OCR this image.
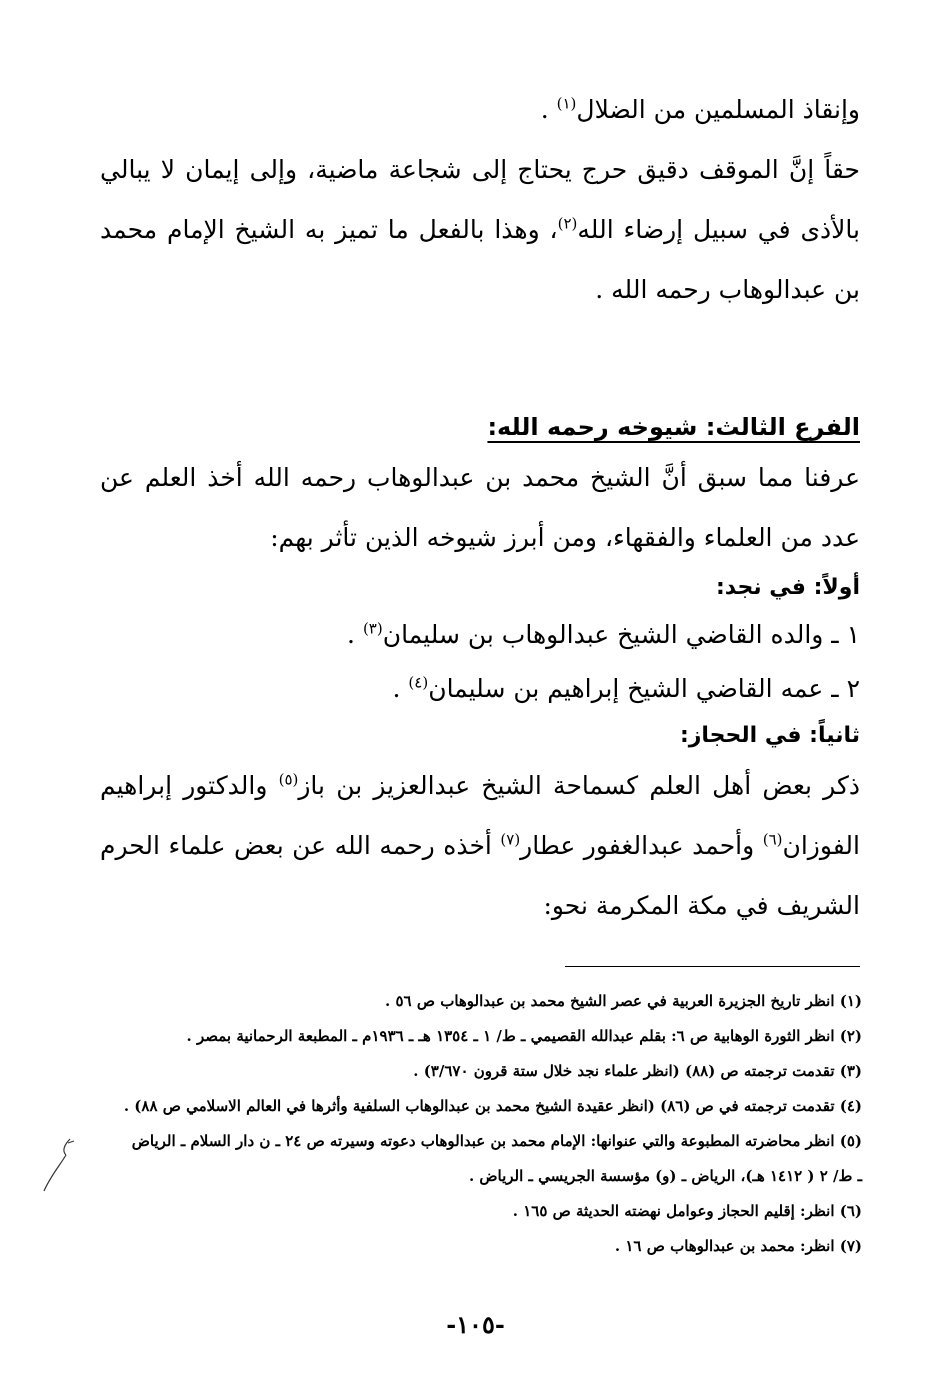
وإنقاذ المسلمين من الضلال$^{(١)}$ .

حقاً إنَّ الموقف دقيق حرج يحتاج إلى شجاعة ماضية، وإلى إيمان لا يبالي بالأذى في سبيل إرضاء الله$^{(٢)}$، وهذا بالفعل ما تميز به الشيخ الإمام محمد بن عبدالوهاب رحمه الله .

الفرع الثالث: شيوخه رحمه الله:

عرفنا مما سبق أنَّ الشيخ محمد بن عبدالوهاب رحمه الله أخذ العلم عن عدد من العلماء والفقهاء، ومن أبرز شيوخه الذين تأثر بهم:

أولاً: في نجد:

١ ـ والده القاضي الشيخ عبدالوهاب بن سليمان$^{(٣)}$ .

٢ ـ عمه القاضي الشيخ إبراهيم بن سليمان$^{(٤)}$ .

ثانياً: في الحجاز:

ذكر بعض أهل العلم كسماحة الشيخ عبدالعزيز بن باز$^{(٥)}$ والدكتور إبراهيم الفوزان$^{(٦)}$ وأحمد عبدالغفور عطار$^{(٧)}$ أخذه رحمه الله عن بعض علماء الحرم الشريف في مكة المكرمة نحو:

(١) انظر تاريخ الجزيرة العربية في عصر الشيخ محمد بن عبدالوهاب ص ٥٦ .

(٢) انظر الثورة الوهابية ص ٦: بقلم عبدالله القصيمي ـ ط/ ١ ـ ١٣٥٤ هـ ـ ١٩٣٦م ـ المطبعة الرحمانية بمصر .

(٣) تقدمت ترجمته ص (٨٨) (انظر علماء نجد خلال ستة قرون ٣/٦٧٠) .

(٤) تقدمت ترجمته في ص (٨٦) (انظر عقيدة الشيخ محمد بن عبدالوهاب السلفية وأثرها في العالم الاسلامي ص ٨٨) .

(٥) انظر محاضرته المطبوعة والتي عنوانها: الإمام محمد بن عبدالوهاب دعوته وسيرته ص ٢٤ ـ ن دار السلام ـ الرياض

ـ ط/ ٢ ( ١٤١٢ هـ)، الرياض ـ (و) مؤسسة الجريسي ـ الرياض .

(٦) انظر: إقليم الحجاز وعوامل نهضته الحديثة ص ١٦٥ .

(٧) انظر: محمد بن عبدالوهاب ص ١٦ .

-١٠٥-
